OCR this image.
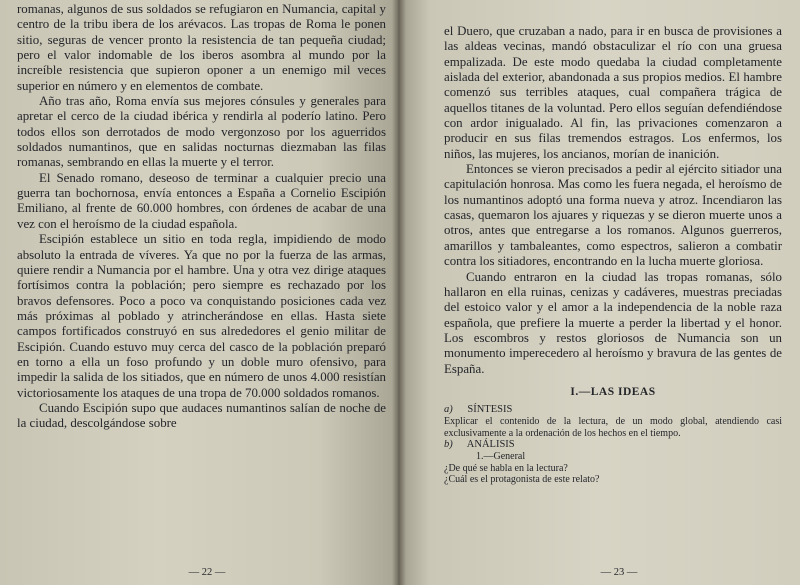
romanas, algunos de sus soldados se refugiaron en Numancia, capital y centro de la tribu ibera de los arévacos. Las tropas de Roma le ponen sitio, seguras de vencer pronto la resistencia de tan pequeña ciudad; pero el valor indomable de los iberos asombra al mundo por la increíble resistencia que supieron oponer a un enemigo mil veces superior en número y en elementos de combate.

Año tras año, Roma envía sus mejores cónsules y generales para apretar el cerco de la ciudad ibérica y rendirla al poderío latino. Pero todos ellos son derrotados de modo vergonzoso por los aguerridos soldados numantinos, que en salidas nocturnas diezmaban las filas romanas, sembrando en ellas la muerte y el terror.

El Senado romano, deseoso de terminar a cualquier precio una guerra tan bochornosa, envía entonces a España a Cornelio Escipión Emiliano, al frente de 60.000 hombres, con órdenes de acabar de una vez con el heroísmo de la ciudad española.

Escipión establece un sitio en toda regla, impidiendo de modo absoluto la entrada de víveres. Ya que no por la fuerza de las armas, quiere rendir a Numancia por el hambre. Una y otra vez dirige ataques fortísimos contra la población; pero siempre es rechazado por los bravos defensores. Poco a poco va conquistando posiciones cada vez más próximas al poblado y atrincherándose en ellas. Hasta siete campos fortificados construyó en sus alrededores el genio militar de Escipión. Cuando estuvo muy cerca del casco de la población preparó en torno a ella un foso profundo y un doble muro ofensivo, para impedir la salida de los sitiados, que en número de unos 4.000 resistían victoriosamente los ataques de una tropa de 70.000 soldados romanos.

Cuando Escipión supo que audaces numantinos salían de noche de la ciudad, descolgándose sobre

— 22 —

el Duero, que cruzaban a nado, para ir en busca de provisiones a las aldeas vecinas, mandó obstaculizar el río con una gruesa empalizada. De este modo quedaba la ciudad completamente aislada del exterior, abandonada a sus propios medios. El hambre comenzó sus terribles ataques, cual compañera trágica de aquellos titanes de la voluntad. Pero ellos seguían defendiéndose con ardor inigualado. Al fin, las privaciones comenzaron a producir en sus filas tremendos estragos. Los enfermos, los niños, las mujeres, los ancianos, morían de inanición.

Entonces se vieron precisados a pedir al ejército sitiador una capitulación honrosa. Mas como les fuera negada, el heroísmo de los numantinos adoptó una forma nueva y atroz. Incendiaron las casas, quemaron los ajuares y riquezas y se dieron muerte unos a otros, antes que entregarse a los romanos. Algunos guerreros, amarillos y tambaleantes, como espectros, salieron a combatir contra los sitiadores, encontrando en la lucha muerte gloriosa.

Cuando entraron en la ciudad las tropas romanas, sólo hallaron en ella ruinas, cenizas y cadáveres, muestras preciadas del estoico valor y el amor a la independencia de la noble raza española, que prefiere la muerte a perder la libertad y el honor. Los escombros y restos gloriosos de Numancia son un monumento imperecedero al heroísmo y bravura de las gentes de España.

I.—LAS IDEAS

a) SÍNTESIS

Explicar el contenido de la lectura, de un modo global, atendiendo casi exclusivamente a la ordenación de los hechos en el tiempo.

b) ANÁLISIS

1.—General

¿De qué se habla en la lectura?

¿Cuál es el protagonista de este relato?

— 23 —
